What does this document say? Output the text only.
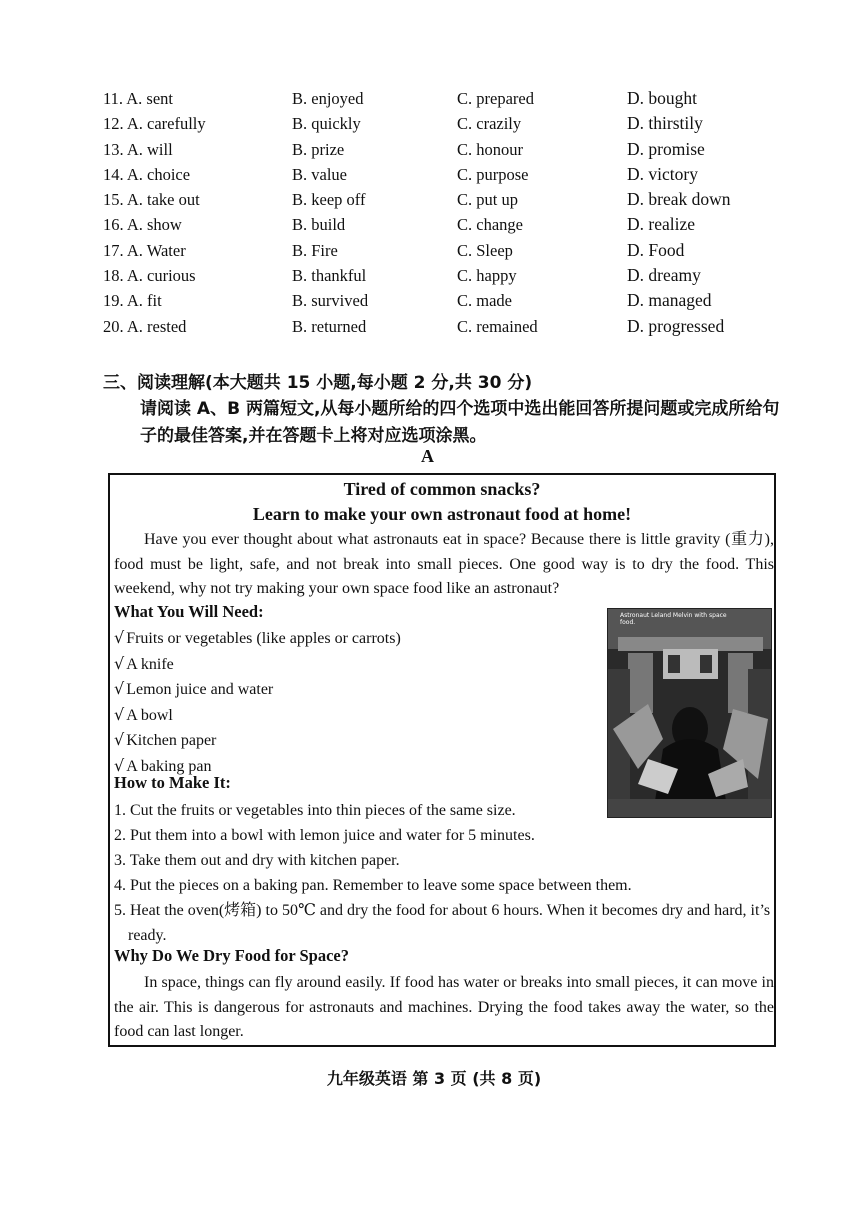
11. A. sent	B. enjoyed	C. prepared	D. bought
12. A. carefully	B. quickly	C. crazily	D. thirstily
13. A. will	B. prize	C. honour	D. promise
14. A. choice	B. value	C. purpose	D. victory
15. A. take out	B. keep off	C. put up	D. break down
16. A. show	B. build	C. change	D. realize
17. A. Water	B. Fire	C. Sleep	D. Food
18. A. curious	B. thankful	C. happy	D. dreamy
19. A. fit	B. survived	C. made	D. managed
20. A. rested	B. returned	C. remained	D. progressed
三、阅读理解(本大题共 15 小题,每小题 2 分,共 30 分)
请阅读 A、B 两篇短文,从每小题所给的四个选项中选出能回答所提问题或完成所给句子的最佳答案,并在答题卡上将对应选项涂黑。
A
Tired of common snacks?
Learn to make your own astronaut food at home!
Have you ever thought about what astronauts eat in space? Because there is little gravity (重力), food must be light, safe, and not break into small pieces. One good way is to dry the food. This weekend, why not try making your own space food like an astronaut?
What You Will Need:
√ Fruits or vegetables (like apples or carrots)
√ A knife
√ Lemon juice and water
√ A bowl
√ Kitchen paper
√ A baking pan
Astronaut Leland Melvin with space food.
How to Make It:
1. Cut the fruits or vegetables into thin pieces of the same size.
2. Put them into a bowl with lemon juice and water for 5 minutes.
3. Take them out and dry with kitchen paper.
4. Put the pieces on a baking pan. Remember to leave some space between them.
5. Heat the oven(烤箱) to 50℃ and dry the food for about 6 hours. When it becomes dry and hard, it’s ready.
Why Do We Dry Food for Space?
In space, things can fly around easily. If food has water or breaks into small pieces, it can move in the air. This is dangerous for astronauts and machines. Drying the food takes away the water, so the food can last longer.
九年级英语 第 3 页 (共 8 页)
